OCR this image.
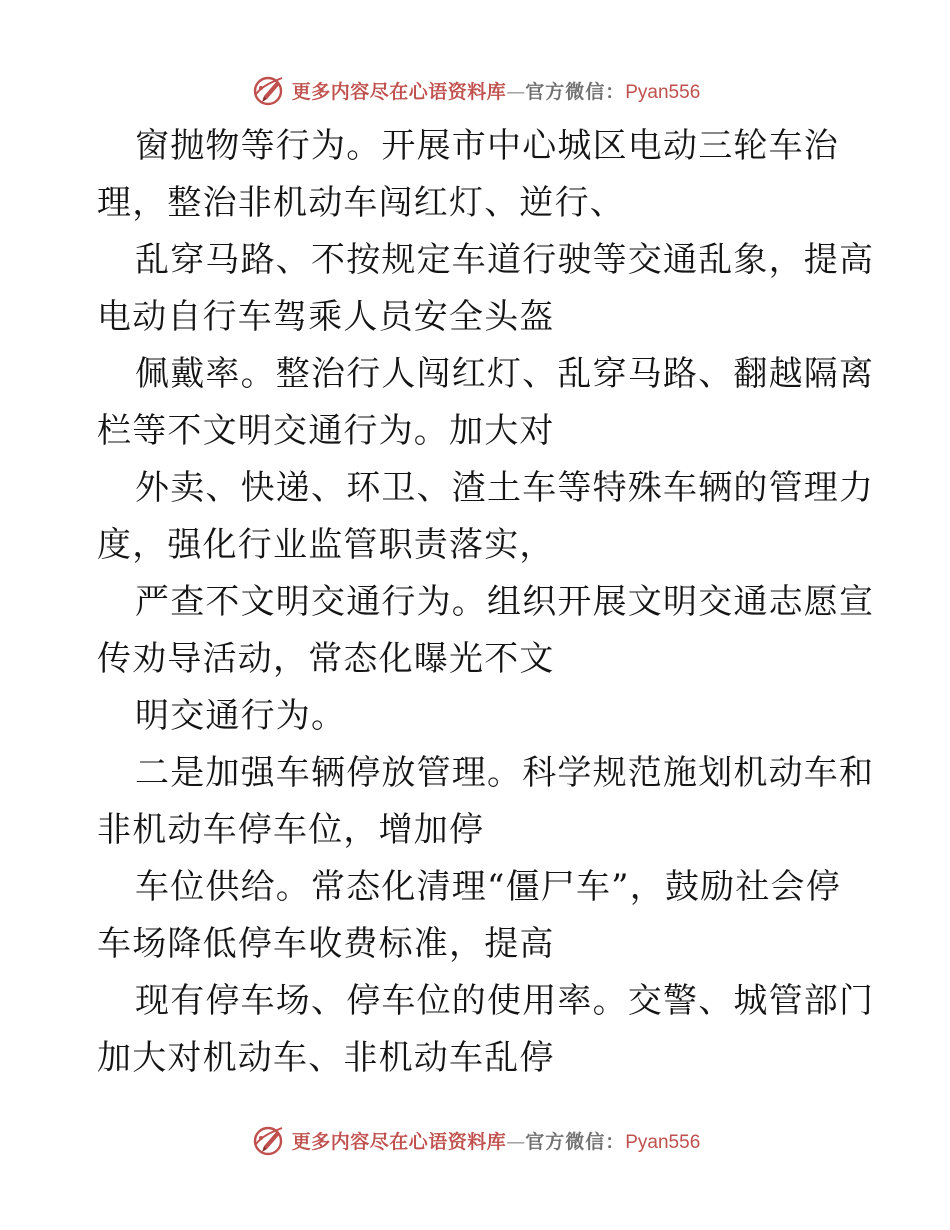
更多内容尽在心语资料库 — 官方微信： Pyan556
窗抛物等行为。开展市中心城区电动三轮车治
理，整治非机动车闯红灯、逆行、
乱穿马路、不按规定车道行驶等交通乱象，提高
电动自行车驾乘人员安全头盔
佩戴率。整治行人闯红灯、乱穿马路、翻越隔离
栏等不文明交通行为。加大对
外卖、快递、环卫、渣土车等特殊车辆的管理力
度，强化行业监管职责落实，
严查不文明交通行为。组织开展文明交通志愿宣
传劝导活动，常态化曝光不文
明交通行为。
二是加强车辆停放管理。科学规范施划机动车和
非机动车停车位，增加停
车位供给。常态化清理“僵尸车”，鼓励社会停
车场降低停车收费标准，提高
现有停车场、停车位的使用率。交警、城管部门
加大对机动车、非机动车乱停
更多内容尽在心语资料库 — 官方微信： Pyan556
